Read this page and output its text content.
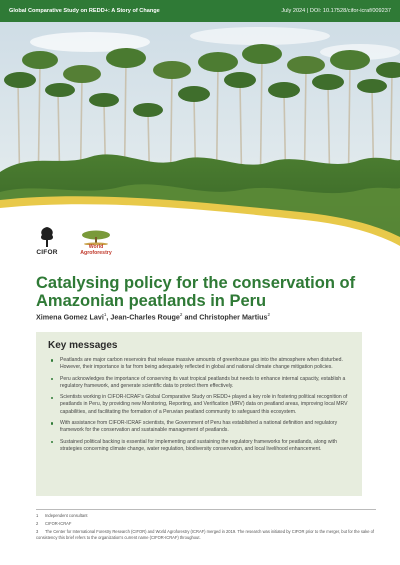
Global Comparative Study on REDD+: A Story of Change	July 2024 | DOI: 10.17528/cifor-icraf/009237
CIFOR
World Agroforestry
Catalysing policy for the conservation of Amazonian peatlands in Peru
Ximena Gomez Lavi$^1$, Jean-Charles Rouge$^2$ and Christopher Martius$^2$
Key messages
Peatlands are major carbon reservoirs that release massive amounts of greenhouse gas into the atmosphere when disturbed. However, their importance is far from being adequately reflected in global and national climate change mitigation policies.
Peru acknowledges the importance of conserving its vast tropical peatlands but needs to enhance internal capacity, establish a regulatory framework, and generate scientific data to protect them effectively.
Scientists working in CIFOR-ICRAF's Global Comparative Study on REDD+ played a key role in fostering political recognition of peatlands in Peru, by providing new Monitoring, Reporting, and Verification (MRV) data on peatland areas, improving local MRV capabilities, and facilitating the formation of a Peruvian peatland community to safeguard this ecosystem.
With assistance from CIFOR-ICRAF scientists, the Government of Peru has established a national definition and regulatory framework for the conservation and sustainable management of peatlands.
Sustained political backing is essential for implementing and sustaining the regulatory frameworks for peatlands, along with strategies concerning climate change, water regulation, biodiversity conservation, and local livelihood enhancement.

1 Independent consultant

2 CIFOR-ICRAF

3 The Center for International Forestry Research (CIFOR) and World Agroforestry (ICRAF) merged in 2019. The research was initiated by CIFOR prior to the merger, but for the sake of consistency this brief refers to the organization's current name (CIFOR-ICRAF) throughout.
